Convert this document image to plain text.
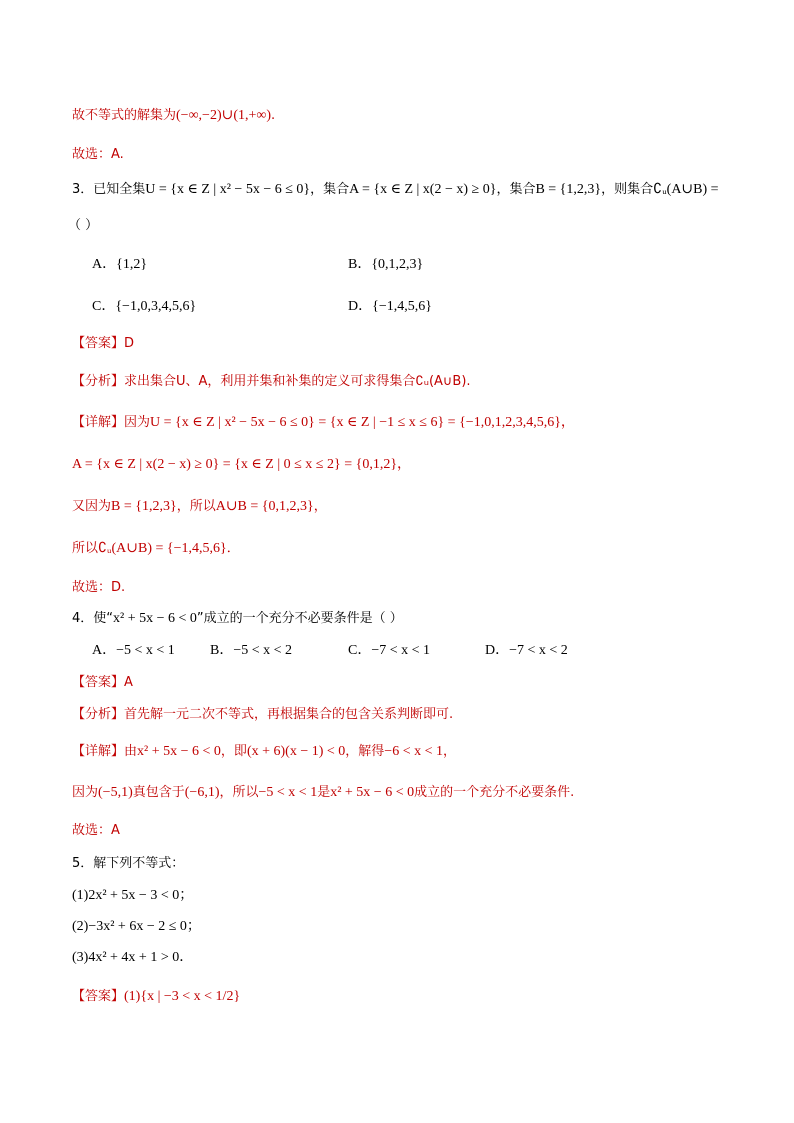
故不等式的解集为(−∞,−2)∪(1,+∞).
故选：A.
3．已知全集U = {x ∈ Z | x² − 5x − 6 ≤ 0}，集合A = {x ∈ Z | x(2 − x) ≥ 0}，集合B = {1,2,3}，则集合∁ᵤ(A∪B) =
（ ）
A．{1,2}	B．{0,1,2,3}
C．{−1,0,3,4,5,6}	D．{−1,4,5,6}
【答案】D
【分析】求出集合U、A，利用并集和补集的定义可求得集合∁ᵤ(A∪B).
【详解】因为U = {x ∈ Z | x² − 5x − 6 ≤ 0} = {x ∈ Z | −1 ≤ x ≤ 6} = {−1,0,1,2,3,4,5,6}，
A = {x ∈ Z | x(2 − x) ≥ 0} = {x ∈ Z | 0 ≤ x ≤ 2} = {0,1,2}，
又因为B = {1,2,3}，所以A∪B = {0,1,2,3}，
所以∁ᵤ(A∪B) = {−1,4,5,6}．
故选：D.
4．使“x² + 5x − 6 < 0”成立的一个充分不必要条件是（ ）
A．−5 < x < 1	B．−5 < x < 2	C．−7 < x < 1	D．−7 < x < 2
【答案】A
【分析】首先解一元二次不等式，再根据集合的包含关系判断即可.
【详解】由x² + 5x − 6 < 0，即(x + 6)(x − 1) < 0，解得−6 < x < 1，
因为(−5,1)真包含于(−6,1)，所以−5 < x < 1是x² + 5x − 6 < 0成立的一个充分不必要条件.
故选：A
5．解下列不等式：
(1)2x² + 5x − 3 < 0；
(2)−3x² + 6x − 2 ≤ 0；
(3)4x² + 4x + 1 > 0．
【答案】(1){x | −3 < x < 1/2}
